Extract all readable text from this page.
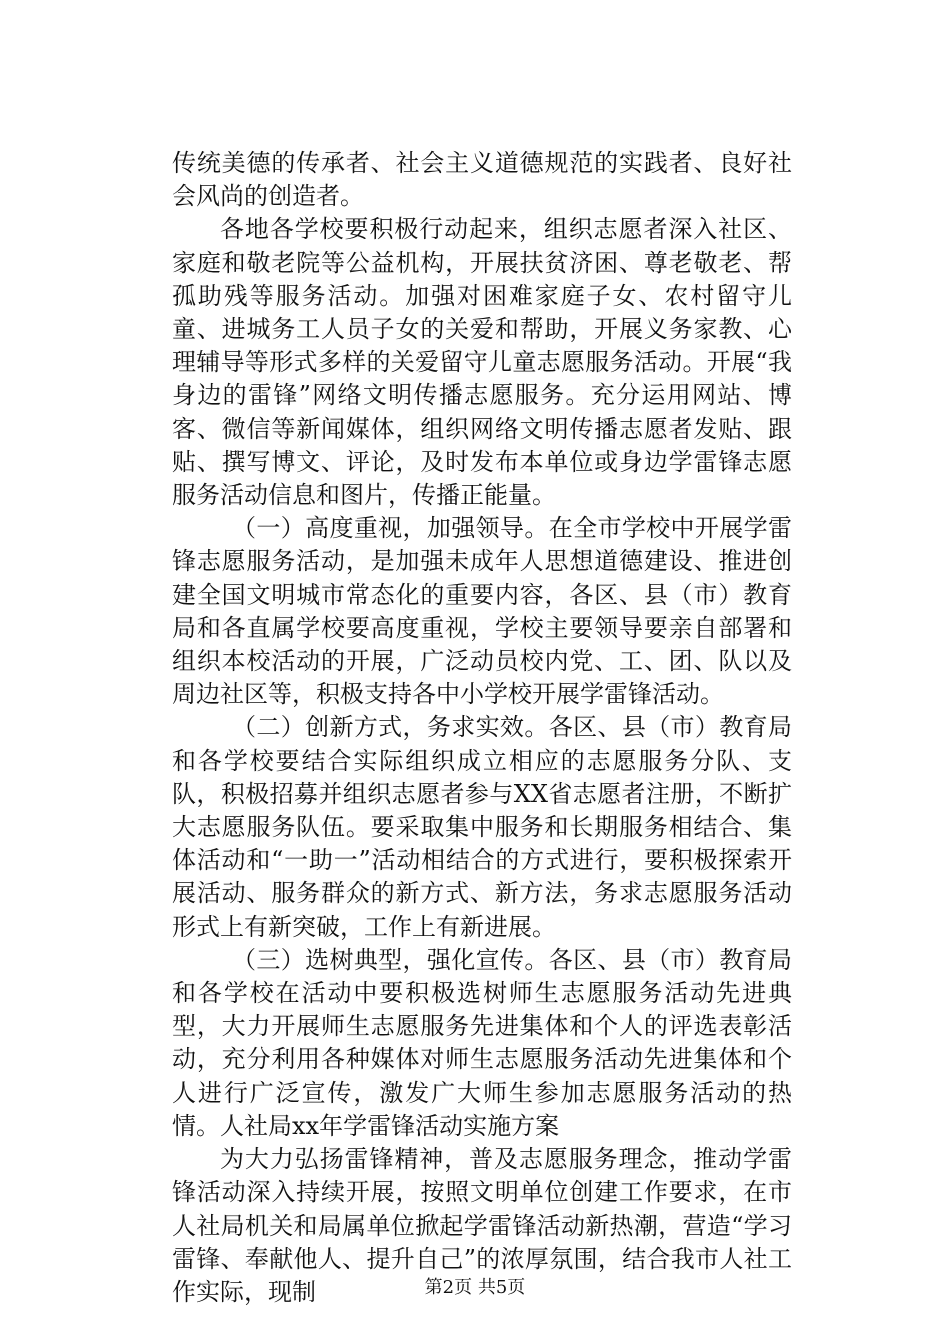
传统美德的传承者、社会主义道德规范的实践者、良好社会风尚的创造者。

各地各学校要积极行动起来，组织志愿者深入社区、家庭和敬老院等公益机构，开展扶贫济困、尊老敬老、帮孤助残等服务活动。加强对困难家庭子女、农村留守儿童、进城务工人员子女的关爱和帮助，开展义务家教、心理辅导等形式多样的关爱留守儿童志愿服务活动。开展“我身边的雷锋”网络文明传播志愿服务。充分运用网站、博客、微信等新闻媒体，组织网络文明传播志愿者发贴、跟贴、撰写博文、评论，及时发布本单位或身边学雷锋志愿服务活动信息和图片，传播正能量。

（一）高度重视，加强领导。在全市学校中开展学雷锋志愿服务活动，是加强未成年人思想道德建设、推进创建全国文明城市常态化的重要内容，各区、县（市）教育局和各直属学校要高度重视，学校主要领导要亲自部署和组织本校活动的开展，广泛动员校内党、工、团、队以及周边社区等，积极支持各中小学校开展学雷锋活动。

（二）创新方式，务求实效。各区、县（市）教育局和各学校要结合实际组织成立相应的志愿服务分队、支队，积极招募并组织志愿者参与XX省志愿者注册，不断扩大志愿服务队伍。要采取集中服务和长期服务相结合、集体活动和“一助一”活动相结合的方式进行，要积极探索开展活动、服务群众的新方式、新方法，务求志愿服务活动形式上有新突破，工作上有新进展。

（三）选树典型，强化宣传。各区、县（市）教育局和各学校在活动中要积极选树师生志愿服务活动先进典型，大力开展师生志愿服务先进集体和个人的评选表彰活动，充分利用各种媒体对师生志愿服务活动先进集体和个人进行广泛宣传，激发广大师生参加志愿服务活动的热情。人社局xx年学雷锋活动实施方案

为大力弘扬雷锋精神，普及志愿服务理念，推动学雷锋活动深入持续开展，按照文明单位创建工作要求，在市人社局机关和局属单位掀起学雷锋活动新热潮，营造“学习雷锋、奉献他人、提升自己”的浓厚氛围，结合我市人社工作实际，现制	第2页 共5页
